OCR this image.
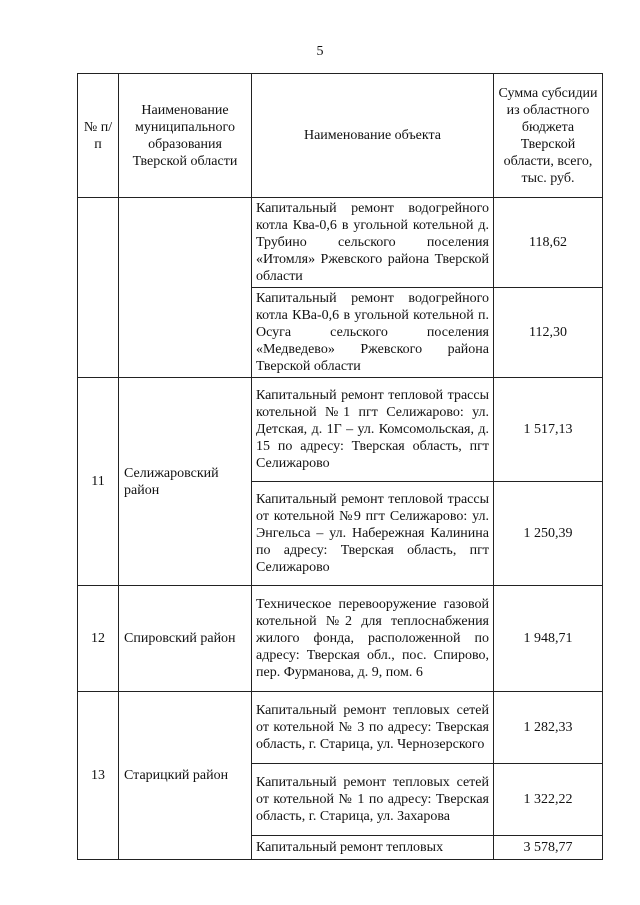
5
№ п/п	Наименование муниципального образования Тверской области	Наименование объекта	Сумма субсидии из областного бюджета Тверской области, всего, тыс. руб.
		Капитальный ремонт водогрейного котла Ква-0,6 в угольной котельной д. Трубино сельского поселения «Итомля» Ржевского района Тверской области	118,62
		Капитальный ремонт водогрейного котла КВа-0,6 в угольной котельной п. Осуга сельского поселения «Медведево» Ржевского района Тверской области	112,30
11	Селижаровский район	Капитальный ремонт тепловой трассы котельной №1 пгт Селижарово: ул. Детская, д. 1Г – ул. Комсомольская, д. 15 по адресу: Тверская область, пгт Селижарово	1 517,13
		Капитальный ремонт тепловой трассы от котельной №9 пгт Селижарово: ул. Энгельса – ул. Набережная Калинина по адресу: Тверская область, пгт Селижарово	1 250,39
12	Спировский район	Техническое перевооружение газовой котельной №2 для теплоснабжения жилого фонда, расположенной по адресу: Тверская обл., пос. Спирово, пер. Фурманова, д. 9, пом. 6	1 948,71
13	Старицкий район	Капитальный ремонт тепловых сетей от котельной № 3 по адресу: Тверская область, г. Старица, ул. Чернозерского	1 282,33
		Капитальный ремонт тепловых сетей от котельной № 1 по адресу: Тверская область, г. Старица, ул. Захарова	1 322,22
		Капитальный ремонт тепловых	3 578,77
